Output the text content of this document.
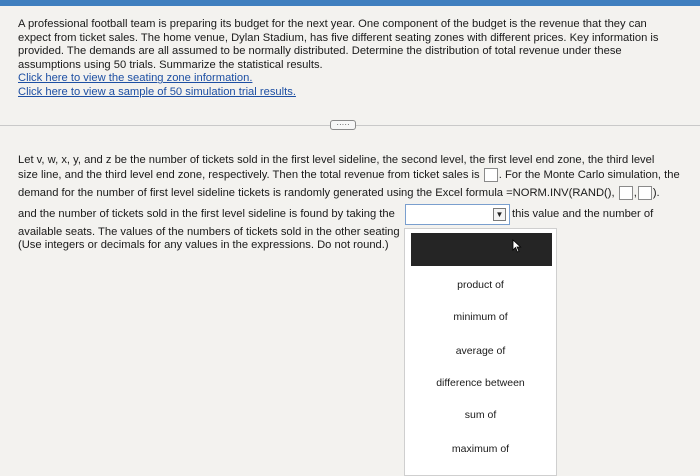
A professional football team is preparing its budget for the next year. One component of the budget is the revenue that they can

expect from ticket sales. The home venue, Dylan Stadium, has five different seating zones with different prices. Key information is

provided. The demands are all assumed to be normally distributed. Determine the distribution of total revenue under these

assumptions using 50 trials. Summarize the statistical results.

Click here to view the seating zone information.
Click here to view a sample of 50 simulation trial results.
·····
Let v, w, x, y, and z be the number of tickets sold in the first level sideline, the second level, the first level end zone, the third level
size line, and the third level end zone, respectively. Then the total revenue from ticket sales is . For the Monte Carlo simulation, the
demand for the number of first level sideline tickets is randomly generated using the Excel formula =NORM.INV(RAND(), , ).
and the number of tickets sold in the first level sideline is found by taking the	this value and the number of
▼
available seats. The values of the numbers of tickets sold in the other seating
(Use integers or decimals for any values in the expressions. Do not round.)
product of
minimum of
average of
difference between
sum of
maximum of
